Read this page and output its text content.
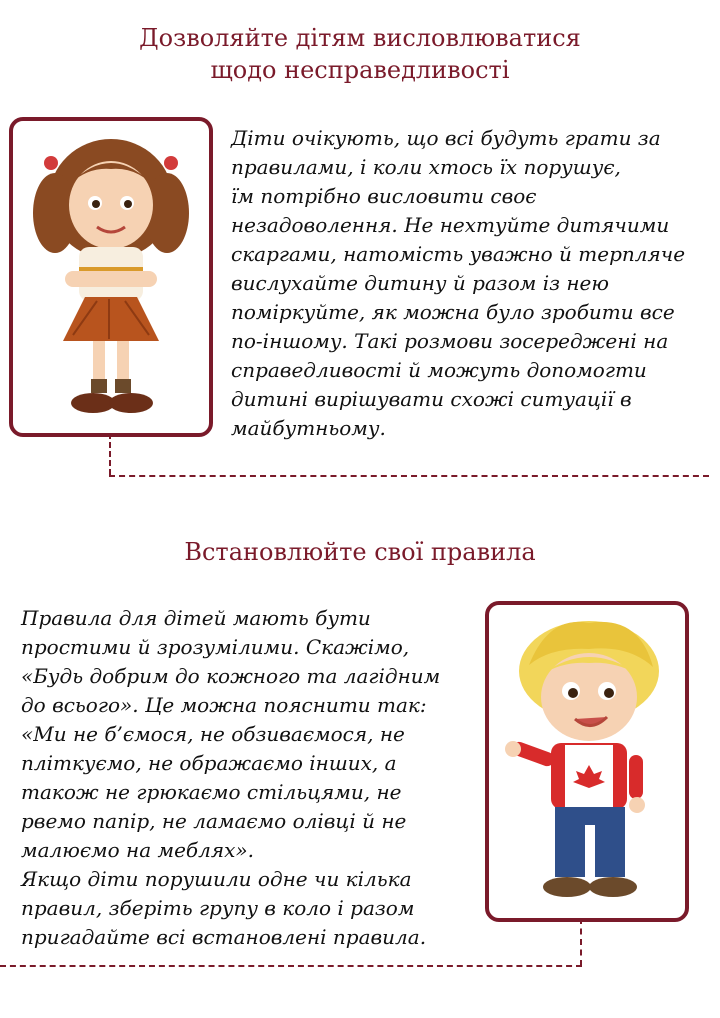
Дозволяйте дітям висловлюватися
щодо несправедливості

Діти очікують, що всі будуть грати за
правилами, і коли хтось їх порушує,
їм потрібно висловити своє
незадоволення. Не нехтуйте дитячими
скаргами, натомість уважно й терпляче
вислухайте дитину й разом із нею
поміркуйте, як можна було зробити все
по-іншому. Такі розмови зосереджені на
справедливості й можуть допомогти
дитині вирішувати схожі ситуації в
майбутньому.

Встановлюйте свої правила

Правила для дітей мають бути
простими й зрозумілими. Скажімо,
«Будь добрим до кожного та лагідним
до всього». Це можна пояснити так:
«Ми не б’ємося, не обзиваємося, не
пліткуємо, не ображаємо інших, а
також не грюкаємо стільцями, не
рвемо папір, не ламаємо олівці й не
малюємо на меблях».
Якщо діти порушили одне чи кілька
правил, зберіть групу в коло і разом
пригадайте всі встановлені правила.
